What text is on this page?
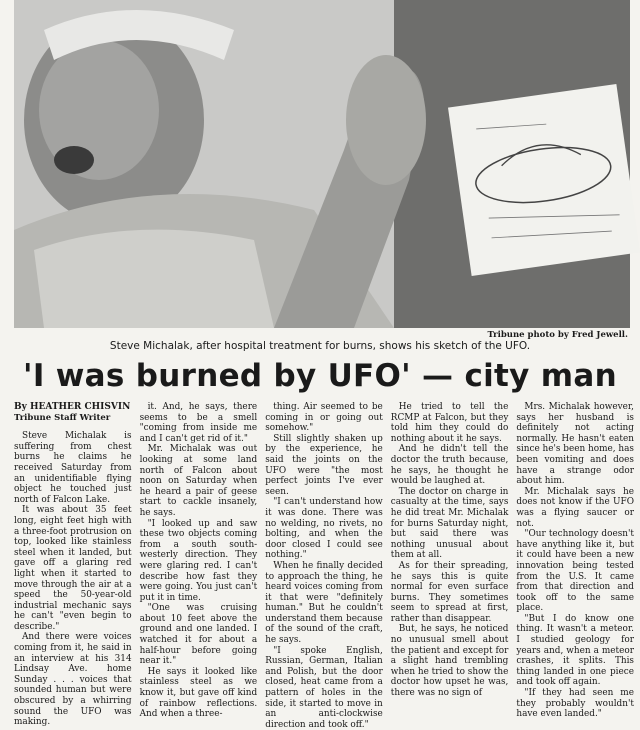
Tribune photo by Fred Jewell.
Steve Michalak, after hospital treatment for burns, shows his sketch of the UFO.
'I was burned by UFO' — city man

By HEATHER CHISVIN

Tribune Staff Writer

Steve Michalak is suffering from chest burns he claims he received Saturday from an unidentifiable flying object he touched just north of Falcon Lake.

It was about 35 feet long, eight feet high with a three-foot protrusion on top, looked like stainless steel when it landed, but gave off a glaring red light when it started to move through the air at a speed the 50-year-old industrial mechanic says he can't "even begin to describe."

And there were voices coming from it, he said in an interview at his 314 Lindsay Ave. home Sunday . . . voices that sounded human but were obscured by a whirring sound the UFO was making.

it. And, he says, there seems to be a smell "coming from inside me and I can't get rid of it."

Mr. Michalak was out looking at some land north of Falcon about noon on Saturday when he heard a pair of geese start to cackle insanely, he says.

"I looked up and saw these two objects coming from a south south-westerly direction. They were glaring red. I can't describe how fast they were going. You just can't put it in time.

"One was cruising about 10 feet above the ground and one landed. I watched it for about a half-hour before going near it."

He says it looked like stainless steel as we know it, but gave off kind of rainbow reflections. And when a three-

thing. Air seemed to be coming in or going out somehow."

Still slightly shaken up by the experience, he said the joints on the UFO were "the most perfect joints I've ever seen.

"I can't understand how it was done. There was no welding, no rivets, no bolting, and when the door closed I could see nothing."

When he finally decided to approach the thing, he heard voices coming from it that were "definitely human." But he couldn't understand them because of the sound of the craft, he says.

"I spoke English, Russian, German, Italian and Polish, but the door closed, heat came from a pattern of holes in the side, it started to move in an anti-clockwise direction and took off."

He tried to tell the RCMP at Falcon, but they told him they could do nothing about it he says.

And he didn't tell the doctor the truth because, he says, he thought he would be laughed at.

The doctor on charge in casualty at the time, says he did treat Mr. Michalak for burns Saturday night, but said there was nothing unusual about them at all.

As for their spreading, he says this is quite normal for even surface burns. They sometimes seem to spread at first, rather than disappear.

But, he says, he noticed no unusual smell about the patient and except for a slight hand trembling when he tried to show the doctor how upset he was, there was no sign of

Mrs. Michalak however, says her husband is definitely not acting normally. He hasn't eaten since he's been home, has been vomiting and does have a strange odor about him.

Mr. Michalak says he does not know if the UFO was a flying saucer or not.

"Our technology doesn't have anything like it, but it could have been a new innovation being tested from the U.S. It came from that direction and took off to the same place.

"But I do know one thing. It wasn't a meteor. I studied geology for years and, when a meteor crashes, it splits. This thing landed in one piece and took off again.

"If they had seen me they probably wouldn't have even landed."
